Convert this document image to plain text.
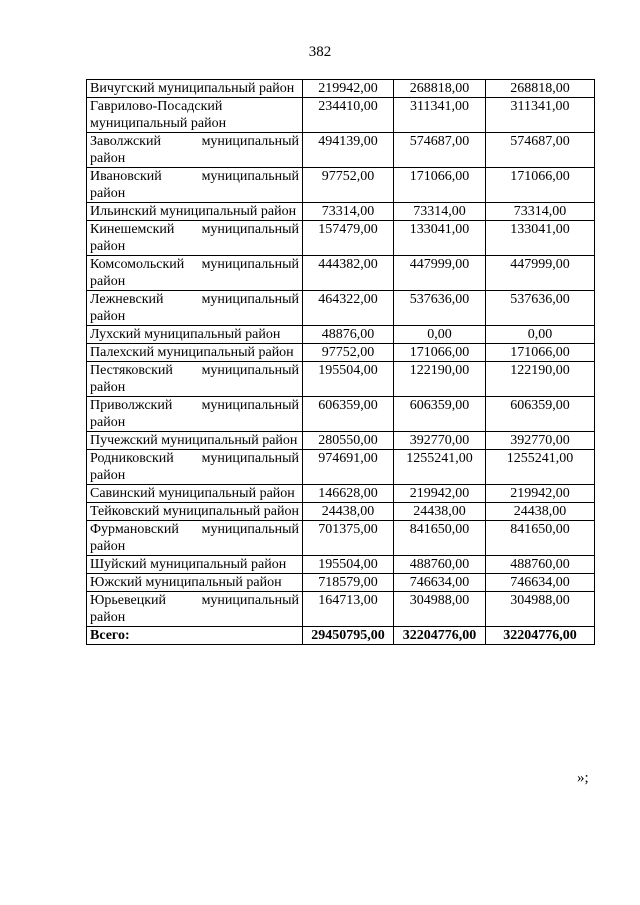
382
Вичугский муниципальный район	219942,00	268818,00	268818,00
Гаврилово-Посадский муниципальный район	234410,00	311341,00	311341,00
Заволжский муниципальный район	494139,00	574687,00	574687,00
Ивановский муниципальный район	97752,00	171066,00	171066,00
Ильинский муниципальный район	73314,00	73314,00	73314,00
Кинешемский муниципальный район	157479,00	133041,00	133041,00
Комсомольский муниципальный район	444382,00	447999,00	447999,00
Лежневский муниципальный район	464322,00	537636,00	537636,00
Лухский муниципальный район	48876,00	0,00	0,00
Палехский муниципальный район	97752,00	171066,00	171066,00
Пестяковский муниципальный район	195504,00	122190,00	122190,00
Приволжский муниципальный район	606359,00	606359,00	606359,00
Пучежский муниципальный район	280550,00	392770,00	392770,00
Родниковский муниципальный район	974691,00	1255241,00	1255241,00
Савинский муниципальный район	146628,00	219942,00	219942,00
Тейковский муниципальный район	24438,00	24438,00	24438,00
Фурмановский муниципальный район	701375,00	841650,00	841650,00
Шуйский муниципальный район	195504,00	488760,00	488760,00
Южский муниципальный район	718579,00	746634,00	746634,00
Юрьевецкий муниципальный район	164713,00	304988,00	304988,00
Всего:	29450795,00	32204776,00	32204776,00
»;
